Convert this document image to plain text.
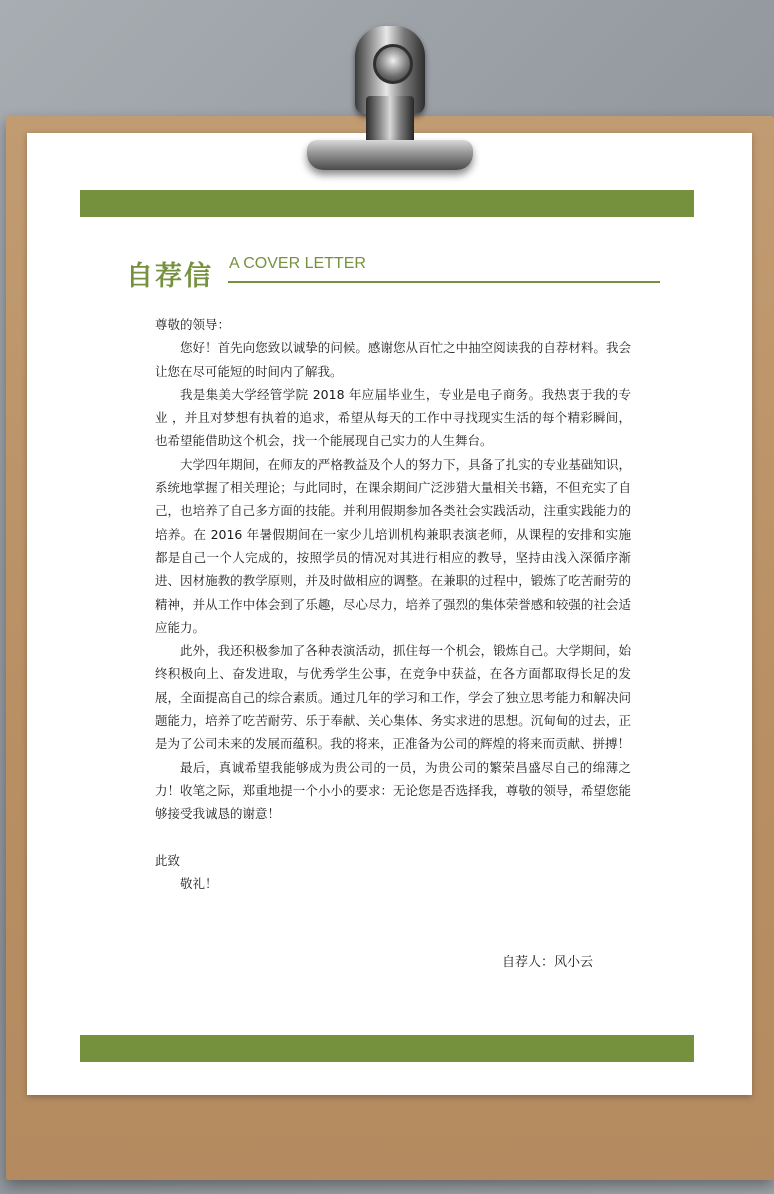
自荐信 A COVER LETTER

尊敬的领导：

您好！首先向您致以诚挚的问候。感谢您从百忙之中抽空阅读我的自荐材料。我会让您在尽可能短的时间内了解我。

我是集美大学经管学院 2018 年应届毕业生，专业是电子商务。我热衷于我的专业 ，并且对梦想有执着的追求，希望从每天的工作中寻找现实生活的每个精彩瞬间，也希望能借助这个机会，找一个能展现自己实力的人生舞台。

大学四年期间，在师友的严格教益及个人的努力下，具备了扎实的专业基础知识，系统地掌握了相关理论；与此同时，在课余期间广泛涉猎大量相关书籍，不但充实了自己，也培养了自己多方面的技能。并利用假期参加各类社会实践活动，注重实践能力的培养。在 2016 年暑假期间在一家少儿培训机构兼职表演老师，从课程的安排和实施都是自己一个人完成的，按照学员的情况对其进行相应的教导，坚持由浅入深循序渐进、因材施教的教学原则，并及时做相应的调整。在兼职的过程中，锻炼了吃苦耐劳的精神，并从工作中体会到了乐趣，尽心尽力，培养了强烈的集体荣誉感和较强的社会适应能力。

此外，我还积极参加了各种表演活动，抓住每一个机会，锻炼自己。大学期间，始终积极向上、奋发进取，与优秀学生公事，在竞争中获益，在各方面都取得长足的发展，全面提高自己的综合素质。通过几年的学习和工作，学会了独立思考能力和解决问题能力，培养了吃苦耐劳、乐于奉献、关心集体、务实求进的思想。沉甸甸的过去，正是为了公司未来的发展而蕴积。我的将来，正准备为公司的辉煌的将来而贡献、拼搏！

最后，真诚希望我能够成为贵公司的一员，为贵公司的繁荣昌盛尽自己的绵薄之力！收笔之际，郑重地提一个小小的要求：无论您是否选择我，尊敬的领导，希望您能够接受我诚恳的谢意！

此致

敬礼！

自荐人：风小云
